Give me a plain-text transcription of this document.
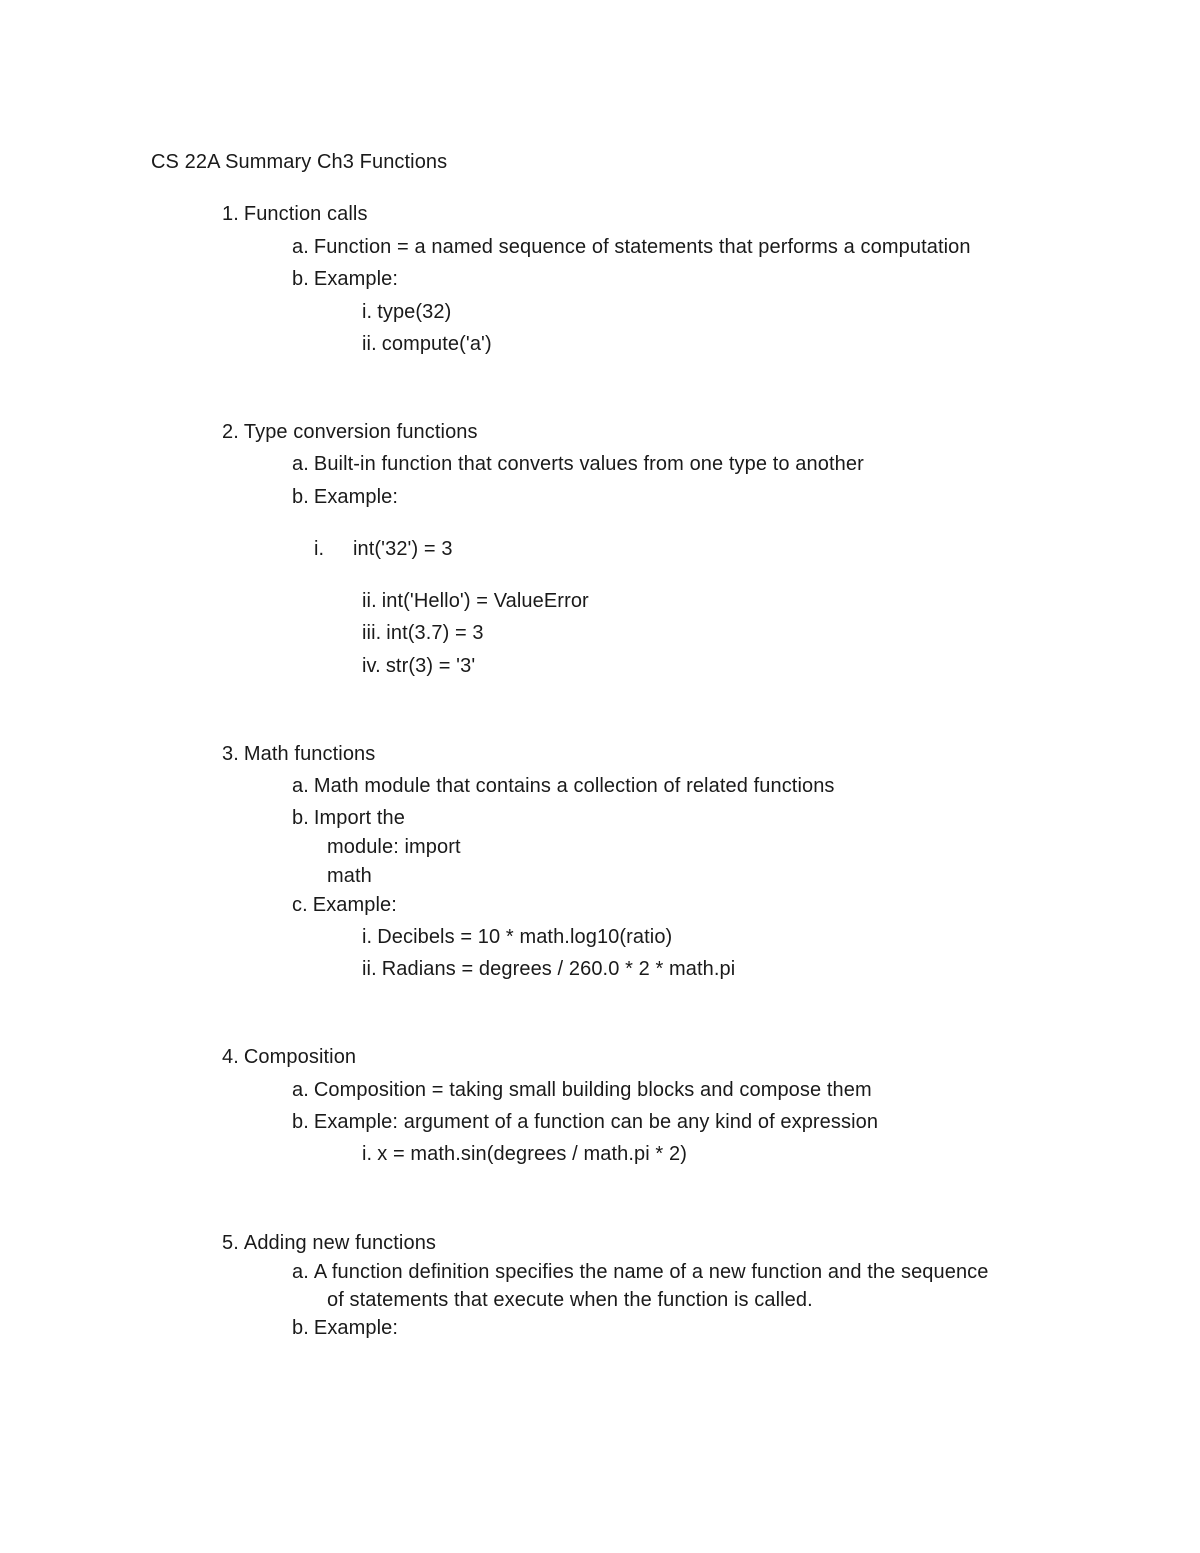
CS 22A Summary Ch3 Functions
1. Function calls
a. Function = a named sequence of statements that performs a computation
b. Example:
i. type(32)
ii. compute('a')
2. Type conversion functions
a. Built-in function that converts values from one type to another
b. Example:
i. int('32') = 3
ii. int('Hello') = ValueError
iii. int(3.7) = 3
iv. str(3) = '3'
3. Math functions
a. Math module that contains a collection of related functions
b. Import the
module: import
math
c. Example:
i. Decibels = 10 * math.log10(ratio)
ii. Radians = degrees / 260.0 * 2 * math.pi
4. Composition
a. Composition = taking small building blocks and compose them
b. Example: argument of a function can be any kind of expression
i. x = math.sin(degrees / math.pi * 2)
5. Adding new functions
a. A function definition specifies the name of a new function and the sequence
of statements that execute when the function is called.
b. Example:
